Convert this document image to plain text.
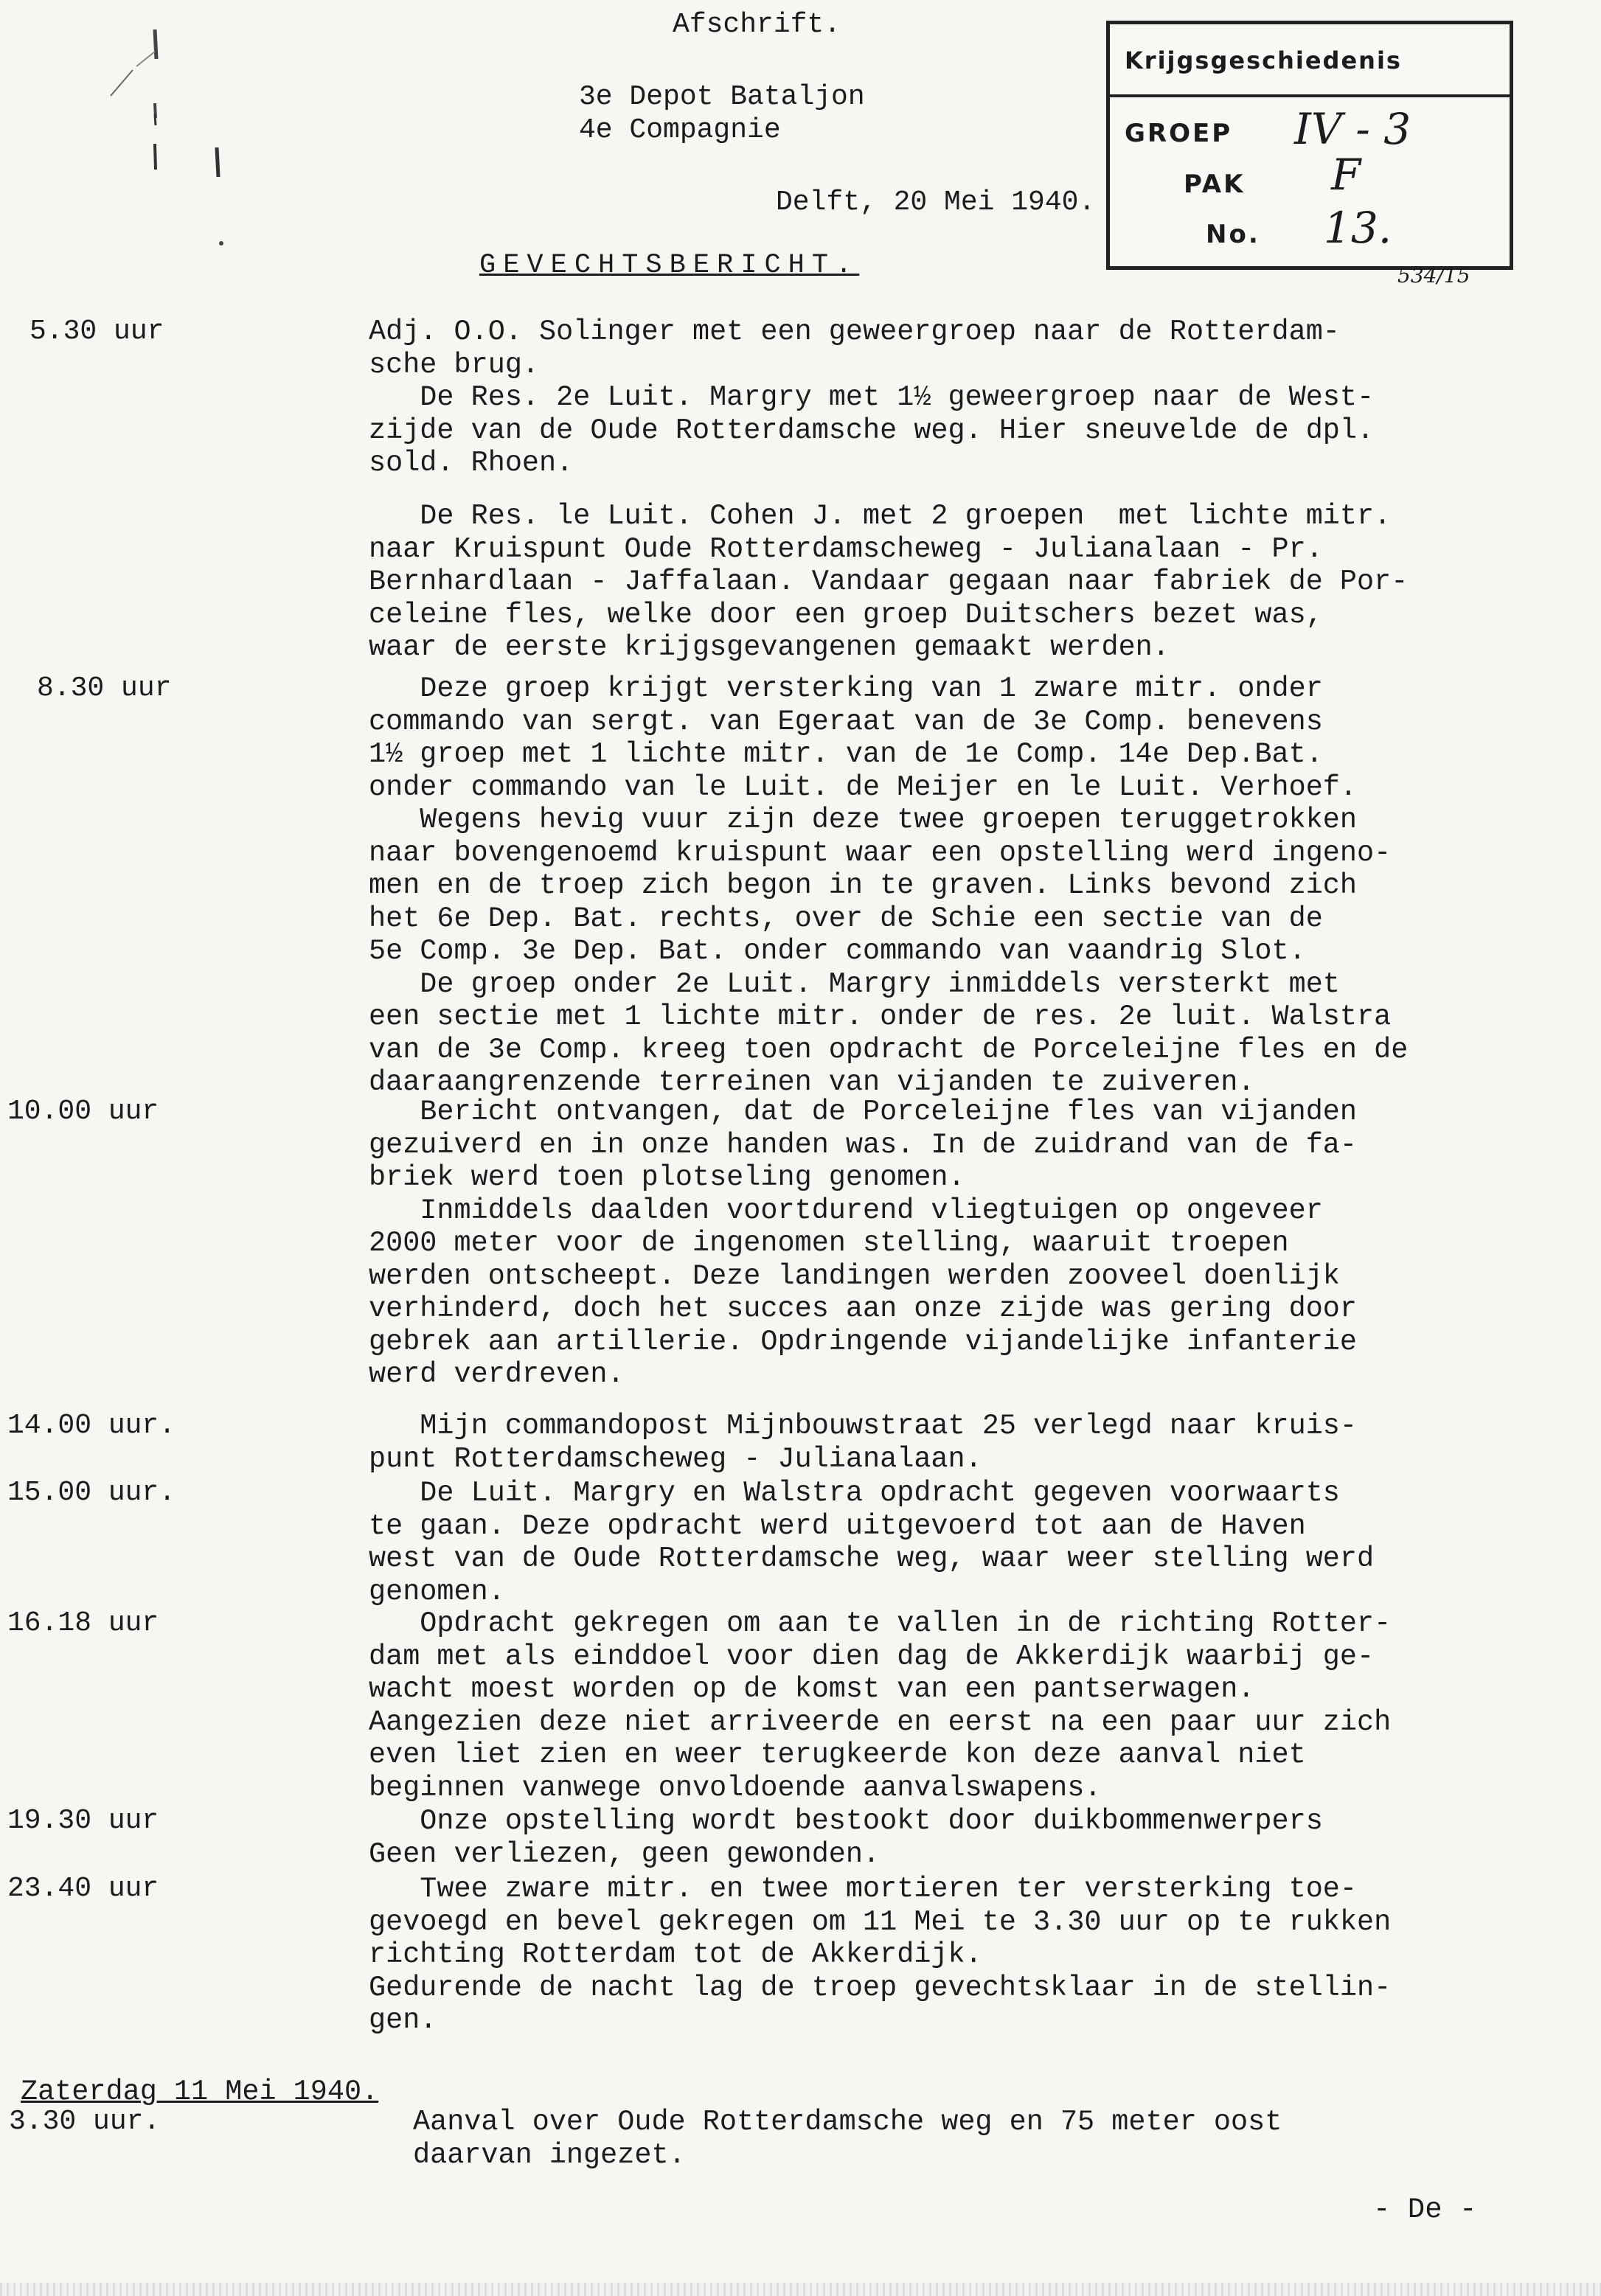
Afschrift.
3e Depot Bataljon
4e Compagnie
Delft, 20 Mei 1940.
GEVECHTSBERICHT.
Krijgsgeschiedenis
GROEP IV - 3
PAK F
No. 13.
534/15
5.30 uur	Adj. O.O. Solinger met een geweergroep naar de Rotterdam-
sche brug.
De Res. 2e Luit. Margry met 1½ geweergroep naar de West-
zijde van de Oude Rotterdamsche weg. Hier sneuvelde de dpl.
sold. Rhoen.
De Res. le Luit. Cohen J. met 2 groepen  met lichte mitr.
naar Kruispunt Oude Rotterdamscheweg - Julianalaan - Pr.
Bernhardlaan - Jaffalaan. Vandaar gegaan naar fabriek de Por-
celeine fles, welke door een groep Duitschers bezet was,
waar de eerste krijgsgevangenen gemaakt werden.
8.30 uur	Deze groep krijgt versterking van 1 zware mitr. onder
commando van sergt. van Egeraat van de 3e Comp. benevens
1½ groep met 1 lichte mitr. van de 1e Comp. 14e Dep.Bat.
onder commando van le Luit. de Meijer en le Luit. Verhoef.
Wegens hevig vuur zijn deze twee groepen teruggetrokken
naar bovengenoemd kruispunt waar een opstelling werd ingeno-
men en de troep zich begon in te graven. Links bevond zich
het 6e Dep. Bat. rechts, over de Schie een sectie van de
5e Comp. 3e Dep. Bat. onder commando van vaandrig Slot.
De groep onder 2e Luit. Margry inmiddels versterkt met
een sectie met 1 lichte mitr. onder de res. 2e luit. Walstra
van de 3e Comp. kreeg toen opdracht de Porceleijne fles en de
daaraangrenzende terreinen van vijanden te zuiveren.
10.00 uur	Bericht ontvangen, dat de Porceleijne fles van vijanden
gezuiverd en in onze handen was. In de zuidrand van de fa-
briek werd toen plotseling genomen.
Inmiddels daalden voortdurend vliegtuigen op ongeveer
2000 meter voor de ingenomen stelling, waaruit troepen
werden ontscheept. Deze landingen werden zooveel doenlijk
verhinderd, doch het succes aan onze zijde was gering door
gebrek aan artillerie. Opdringende vijandelijke infanterie
werd verdreven.
14.00 uur.	Mijn commandopost Mijnbouwstraat 25 verlegd naar kruis-
punt Rotterdamscheweg - Julianalaan.
15.00 uur.	De Luit. Margry en Walstra opdracht gegeven voorwaarts
te gaan. Deze opdracht werd uitgevoerd tot aan de Haven
west van de Oude Rotterdamsche weg, waar weer stelling werd
genomen.
16.18 uur	Opdracht gekregen om aan te vallen in de richting Rotter-
dam met als einddoel voor dien dag de Akkerdijk waarbij ge-
wacht moest worden op de komst van een pantserwagen.
Aangezien deze niet arriveerde en eerst na een paar uur zich
even liet zien en weer terugkeerde kon deze aanval niet
beginnen vanwege onvoldoende aanvalswapens.
19.30 uur	Onze opstelling wordt bestookt door duikbommenwerpers
Geen verliezen, geen gewonden.
23.40 uur	Twee zware mitr. en twee mortieren ter versterking toe-
gevoegd en bevel gekregen om 11 Mei te 3.30 uur op te rukken
richting Rotterdam tot de Akkerdijk.
Gedurende de nacht lag de troep gevechtsklaar in de stellin-
gen.
Zaterdag 11 Mei 1940.
3.30 uur.	Aanval over Oude Rotterdamsche weg en 75 meter oost
daarvan ingezet.
- De -
